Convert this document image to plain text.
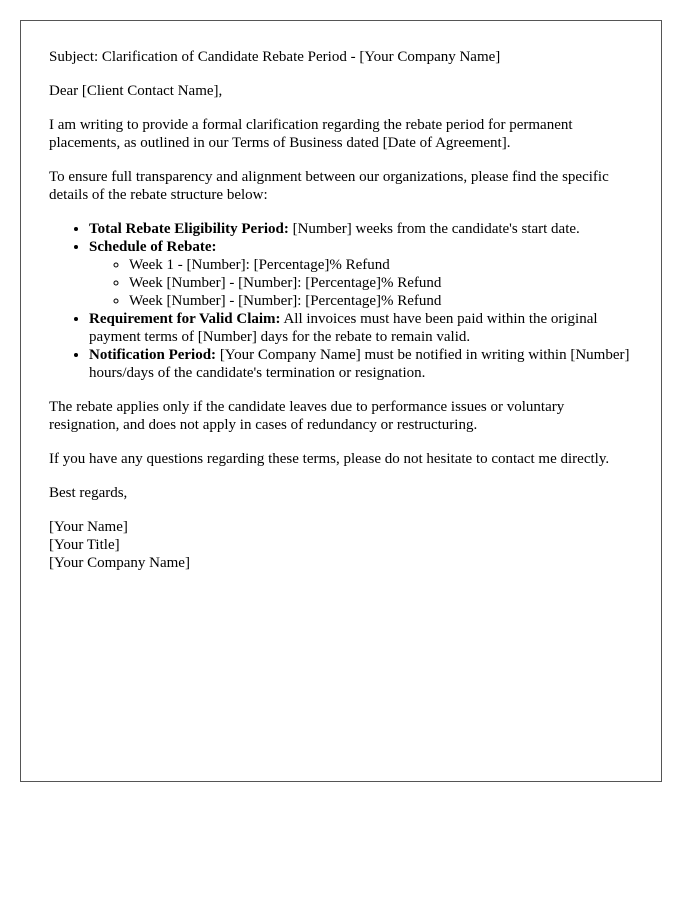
Subject: Clarification of Candidate Rebate Period - [Your Company Name]

Dear [Client Contact Name],

I am writing to provide a formal clarification regarding the rebate period for permanent placements, as outlined in our Terms of Business dated [Date of Agreement].

To ensure full transparency and alignment between our organizations, please find the specific details of the rebate structure below:

• Total Rebate Eligibility Period: [Number] weeks from the candidate's start date.
• Schedule of Rebate:
◦ Week 1 - [Number]: [Percentage]% Refund
◦ Week [Number] - [Number]: [Percentage]% Refund
◦ Week [Number] - [Number]: [Percentage]% Refund
• Requirement for Valid Claim: All invoices must have been paid within the original payment terms of [Number] days for the rebate to remain valid.
• Notification Period: [Your Company Name] must be notified in writing within [Number] hours/days of the candidate's termination or resignation.

The rebate applies only if the candidate leaves due to performance issues or voluntary resignation, and does not apply in cases of redundancy or restructuring.

If you have any questions regarding these terms, please do not hesitate to contact me directly.

Best regards,

[Your Name]

[Your Title]

[Your Company Name]
